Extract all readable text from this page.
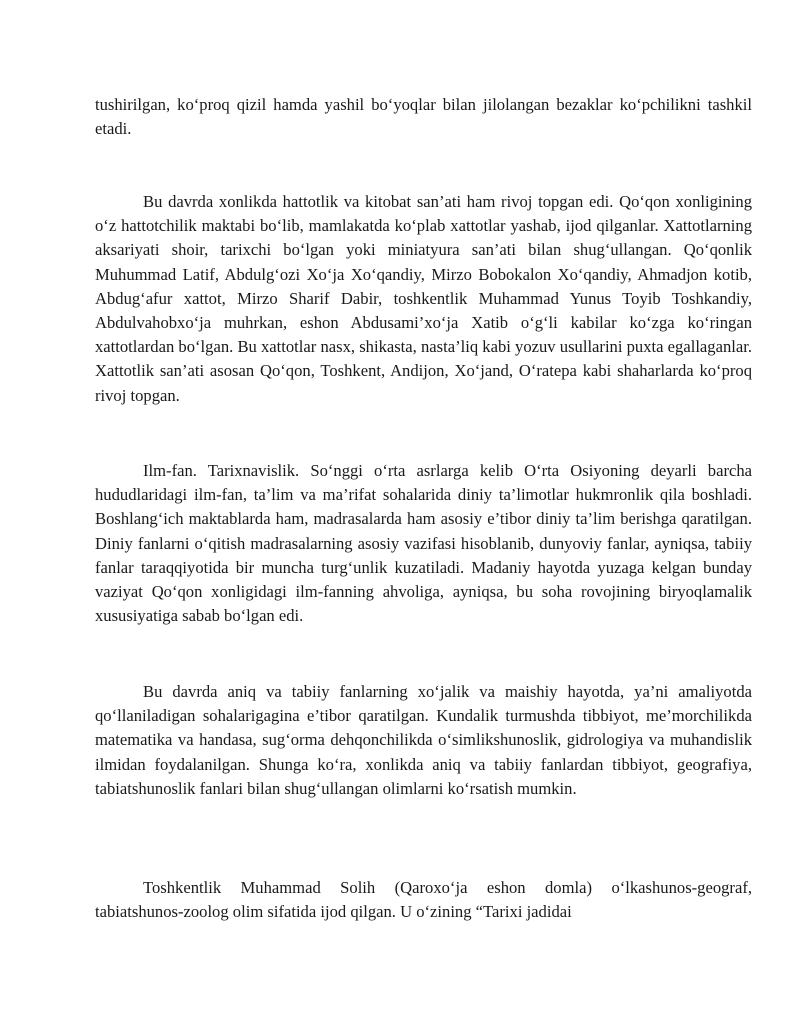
tushirilgan, ko‘proq qizil hamda yashil bo‘yoqlar bilan jilolangan bezaklar ko‘pchilikni tashkil etadi.

Bu davrda xonlikda hattotlik va kitobat san’ati ham rivoj topgan edi. Qo‘qon xonligining o‘z hattotchilik maktabi bo‘lib, mamlakatda ko‘plab xattotlar yashab, ijod qilganlar. Xattotlarning aksariyati shoir, tarixchi bo‘lgan yoki miniatyura san’ati bilan shug‘ullangan. Qo‘qonlik Muhummad Latif, Abdulg‘ozi Xo‘ja Xo‘qandiy, Mirzo Bobokalon Xo‘qandiy, Ahmadjon kotib, Abdug‘afur xattot, Mirzo Sharif Dabir, toshkentlik Muhammad Yunus Toyib Toshkandiy, Abdulvahobxo‘ja muhrkan, eshon Abdusami’xo‘ja Xatib o‘g‘li kabilar ko‘zga ko‘ringan xattotlardan bo‘lgan. Bu xattotlar nasx, shikasta, nasta’liq kabi yozuv usullarini puxta egallaganlar. Xattotlik san’ati asosan Qo‘qon, Toshkent, Andijon, Xo‘jand, O‘ratepa kabi shaharlarda ko‘proq rivoj topgan.

Ilm-fan. Tarixnavislik. So‘nggi o‘rta asrlarga kelib O‘rta Osiyoning deyarli barcha hududlaridagi ilm-fan, ta’lim va ma’rifat sohalarida diniy ta’limotlar hukmronlik qila boshladi. Boshlang‘ich maktablarda ham, madrasalarda ham asosiy e’tibor diniy ta’lim berishga qaratilgan. Diniy fanlarni o‘qitish madrasalarning asosiy vazifasi hisoblanib, dunyoviy fanlar, ayniqsa, tabiiy fanlar taraqqiyotida bir muncha turg‘unlik kuzatiladi. Madaniy hayotda yuzaga kelgan bunday vaziyat Qo‘qon xonligidagi ilm-fanning ahvoliga, ayniqsa, bu soha rovojining biryoqlamalik xususiyatiga sabab bo‘lgan edi.

Bu davrda aniq va tabiiy fanlarning xo‘jalik va maishiy hayotda, ya’ni amaliyotda qo‘llaniladigan sohalarigagina e’tibor qaratilgan. Kundalik turmushda tibbiyot, me’morchilikda matematika va handasa, sug‘orma dehqonchilikda o‘simlikshunoslik, gidrologiya va muhandislik ilmidan foydalanilgan. Shunga ko‘ra, xonlikda aniq va tabiiy fanlardan tibbiyot, geografiya, tabiatshunoslik fanlari bilan shug‘ullangan olimlarni ko‘rsatish mumkin.

Toshkentlik Muhammad Solih (Qaroxo‘ja eshon domla) o‘lkashunos-geograf, tabiatshunos-zoolog olim sifatida ijod qilgan. U o‘zining “Tarixi jadidai
